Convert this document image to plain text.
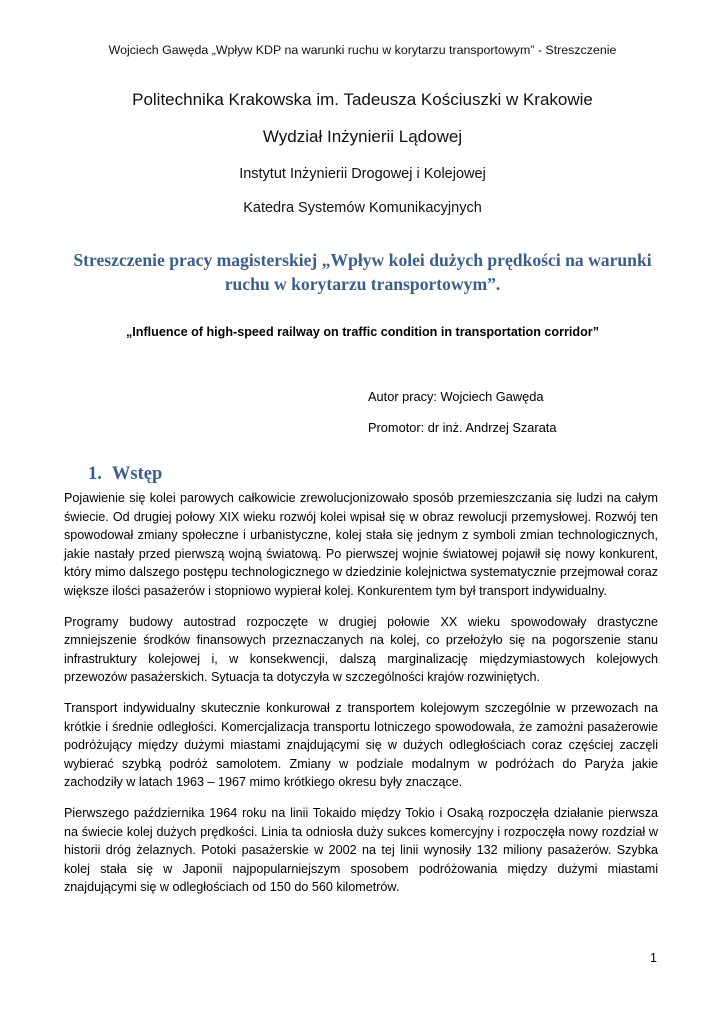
Wojciech Gawęda „Wpływ KDP na warunki ruchu w korytarzu transportowym” - Streszczenie
Politechnika Krakowska im. Tadeusza Kościuszki w Krakowie
Wydział Inżynierii Lądowej
Instytut Inżynierii Drogowej i Kolejowej
Katedra Systemów Komunikacyjnych
Streszczenie pracy magisterskiej „Wpływ kolei dużych prędkości na warunki ruchu w korytarzu transportowym”.
„Influence of high-speed railway on traffic condition in transportation corridor”
Autor pracy: Wojciech Gawęda
Promotor: dr inż. Andrzej Szarata
1. Wstęp

Pojawienie się kolei parowych całkowicie zrewolucjonizowało sposób przemieszczania się ludzi na całym świecie. Od drugiej połowy XIX wieku rozwój kolei wpisał się w obraz rewolucji przemysłowej. Rozwój ten spowodował zmiany społeczne i urbanistyczne, kolej stała się jednym z symboli zmian technologicznych, jakie nastały przed pierwszą wojną światową. Po pierwszej wojnie światowej pojawił się nowy konkurent, który mimo dalszego postępu technologicznego w dziedzinie kolejnictwa systematycznie przejmował coraz większe ilości pasażerów i stopniowo wypierał kolej. Konkurentem tym był transport indywidualny.

Programy budowy autostrad rozpoczęte w drugiej połowie XX wieku spowodowały drastyczne zmniejszenie środków finansowych przeznaczanych na kolej, co przełożyło się na pogorszenie stanu infrastruktury kolejowej i, w konsekwencji, dalszą marginalizację międzymiastowych kolejowych przewozów pasażerskich. Sytuacja ta dotyczyła w szczególności krajów rozwiniętych.

Transport indywidualny skutecznie konkurował z transportem kolejowym szczególnie w przewozach na krótkie i średnie odległości. Komercjalizacja transportu lotniczego spowodowała, że zamożni pasażerowie podróżujący między dużymi miastami znajdującymi się w dużych odległościach coraz częściej zaczęli wybierać szybką podróż samolotem. Zmiany w podziale modalnym w podróżach do Paryża jakie zachodziły w latach 1963 – 1967 mimo krótkiego okresu były znaczące.

Pierwszego października 1964 roku na linii Tokaido między Tokio i Osaką rozpoczęła działanie pierwsza na świecie kolej dużych prędkości. Linia ta odniosła duży sukces komercyjny i rozpoczęła nowy rozdział w historii dróg żelaznych. Potoki pasażerskie w 2002 na tej linii wynosiły 132 miliony pasażerów. Szybka kolej stała się w Japonii najpopularniejszym sposobem podróżowania między dużymi miastami znajdującymi się w odległościach od 150 do 560 kilometrów.

1
